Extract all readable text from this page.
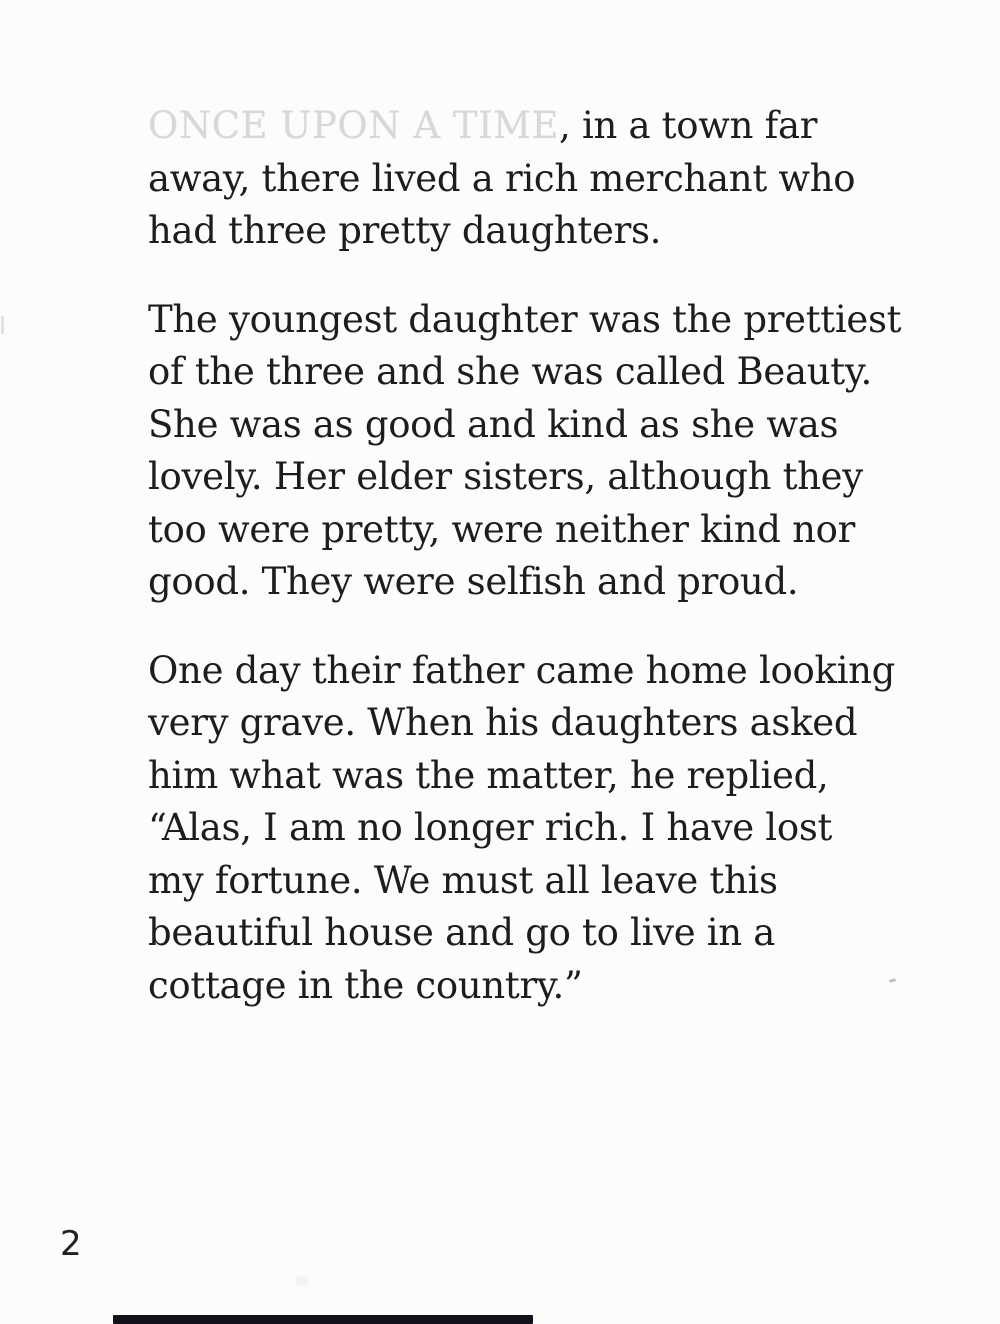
ONCE UPON A TIME, in a town far
away, there lived a rich merchant who
had three pretty daughters.
The youngest daughter was the prettiest
of the three and she was called Beauty.
She was as good and kind as she was
lovely. Her elder sisters, although they
too were pretty, were neither kind nor
good. They were selfish and proud.
One day their father came home looking
very grave. When his daughters asked
him what was the matter, he replied,
“Alas, I am no longer rich. I have lost
my fortune. We must all leave this
beautiful house and go to live in a
cottage in the country.”
2
